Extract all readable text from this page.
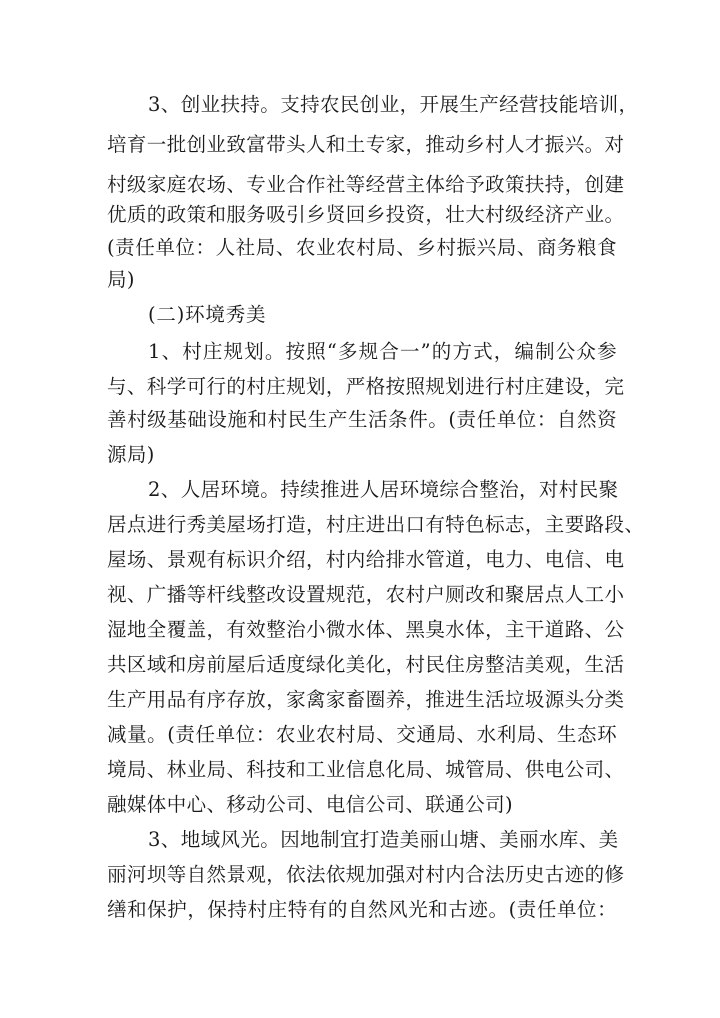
3、创业扶持。支持农民创业，开展生产经营技能培训，
培育一批创业致富带头人和土专家，推动乡村人才振兴。对
村级家庭农场、专业合作社等经营主体给予政策扶持，创建
优质的政策和服务吸引乡贤回乡投资，壮大村级经济产业。
(责任单位：人社局、农业农村局、乡村振兴局、商务粮食
局)
(二)环境秀美
1、村庄规划。按照“多规合一”的方式，编制公众参
与、科学可行的村庄规划，严格按照规划进行村庄建设，完
善村级基础设施和村民生产生活条件。(责任单位：自然资
源局)
2、人居环境。持续推进人居环境综合整治，对村民聚
居点进行秀美屋场打造，村庄进出口有特色标志，主要路段、
屋场、景观有标识介绍，村内给排水管道，电力、电信、电
视、广播等杆线整改设置规范，农村户厕改和聚居点人工小
湿地全覆盖，有效整治小微水体、黑臭水体，主干道路、公
共区域和房前屋后适度绿化美化，村民住房整洁美观，生活
生产用品有序存放，家禽家畜圈养，推进生活垃圾源头分类
减量。(责任单位：农业农村局、交通局、水利局、生态环
境局、林业局、科技和工业信息化局、城管局、供电公司、
融媒体中心、移动公司、电信公司、联通公司)
3、地域风光。因地制宜打造美丽山塘、美丽水库、美
丽河坝等自然景观，依法依规加强对村内合法历史古迹的修
缮和保护，保持村庄特有的自然风光和古迹。(责任单位：
